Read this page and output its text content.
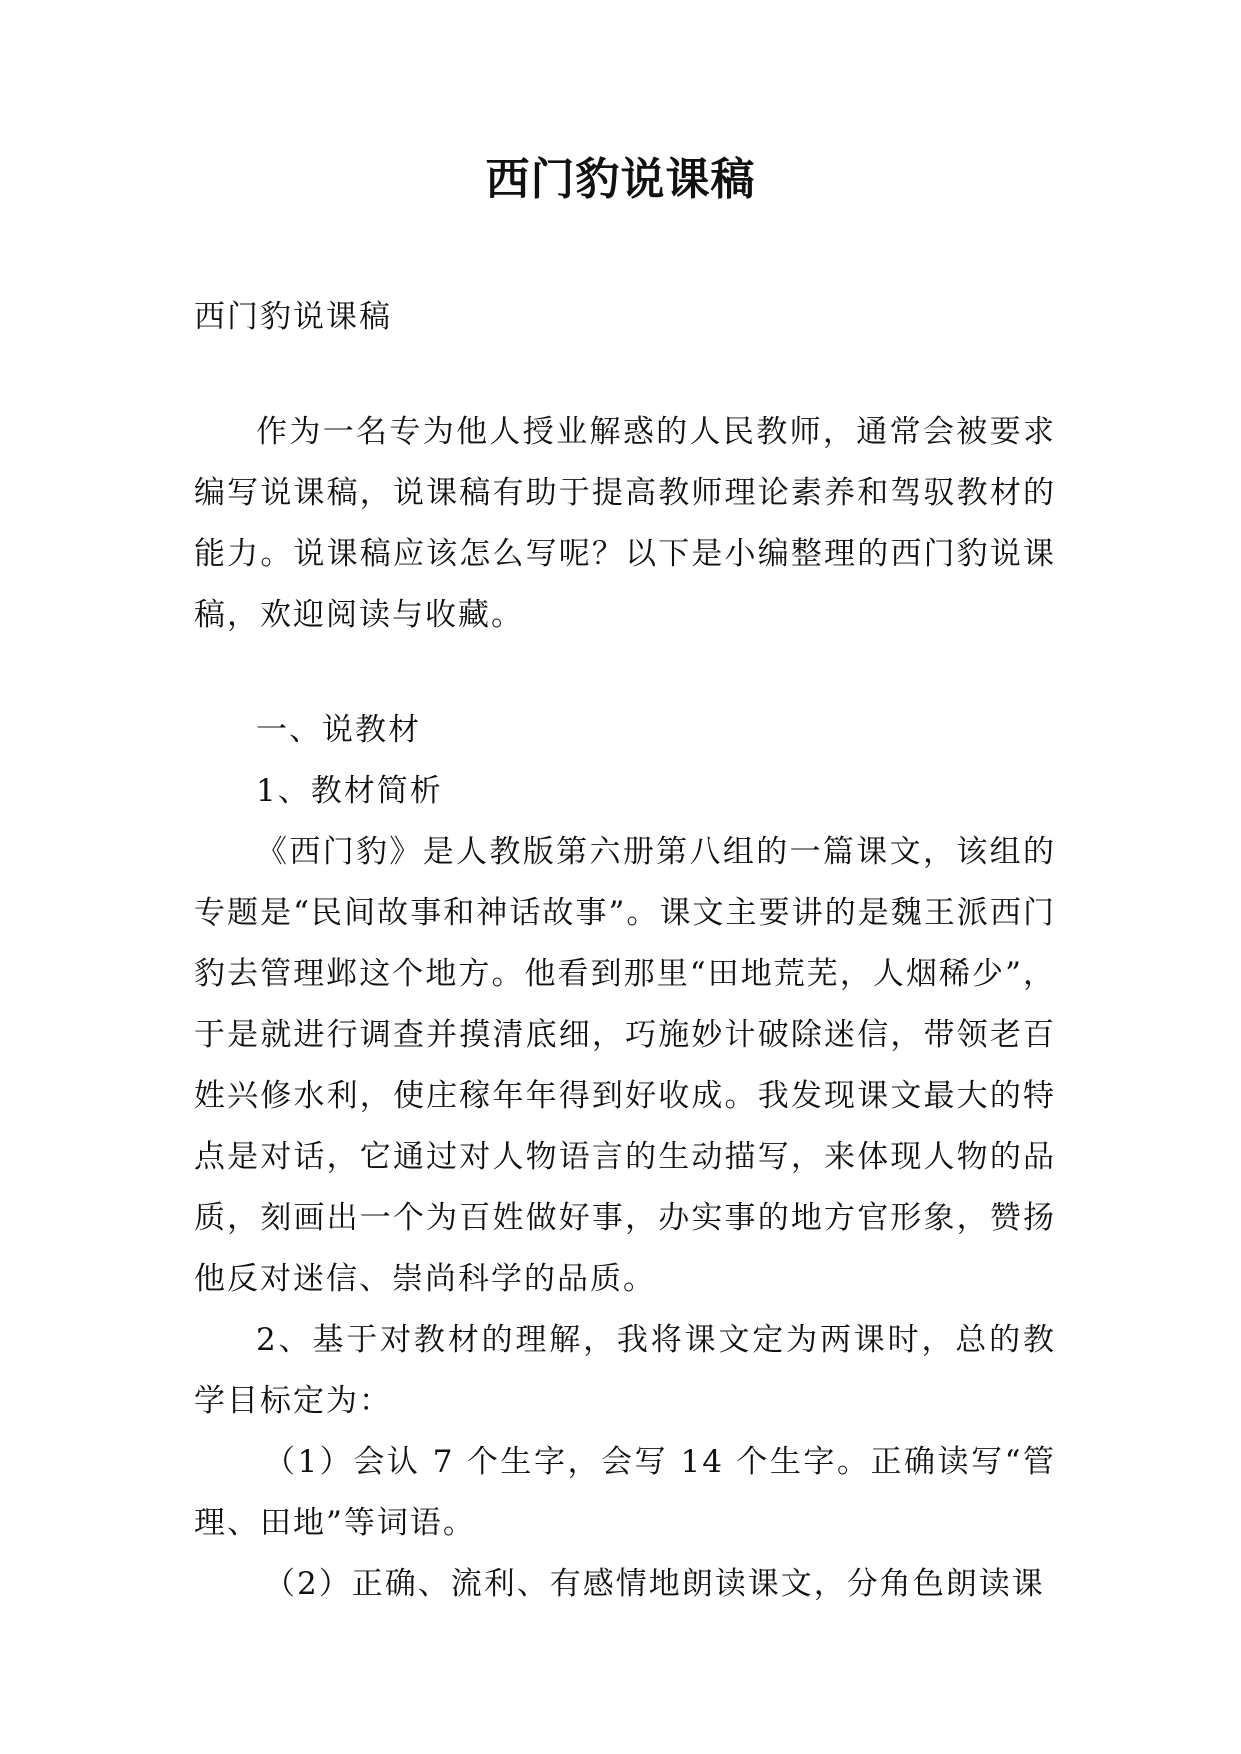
西门豹说课稿

西门豹说课稿

作为一名专为他人授业解惑的人民教师，通常会被要求编写说课稿，说课稿有助于提高教师理论素养和驾驭教材的能力。说课稿应该怎么写呢？以下是小编整理的西门豹说课稿，欢迎阅读与收藏。

一、说教材

1、教材简析

《西门豹》是人教版第六册第八组的一篇课文，该组的专题是“民间故事和神话故事”。课文主要讲的是魏王派西门豹去管理邺这个地方。他看到那里“田地荒芜，人烟稀少”，于是就进行调查并摸清底细，巧施妙计破除迷信，带领老百姓兴修水利，使庄稼年年得到好收成。我发现课文最大的特点是对话，它通过对人物语言的生动描写，来体现人物的品质，刻画出一个为百姓做好事，办实事的地方官形象，赞扬他反对迷信、崇尚科学的品质。

2、基于对教材的理解，我将课文定为两课时，总的教学目标定为：

（1）会认 7 个生字，会写 14 个生字。正确读写“管理、田地”等词语。

（2）正确、流利、有感情地朗读课文，分角色朗读课
